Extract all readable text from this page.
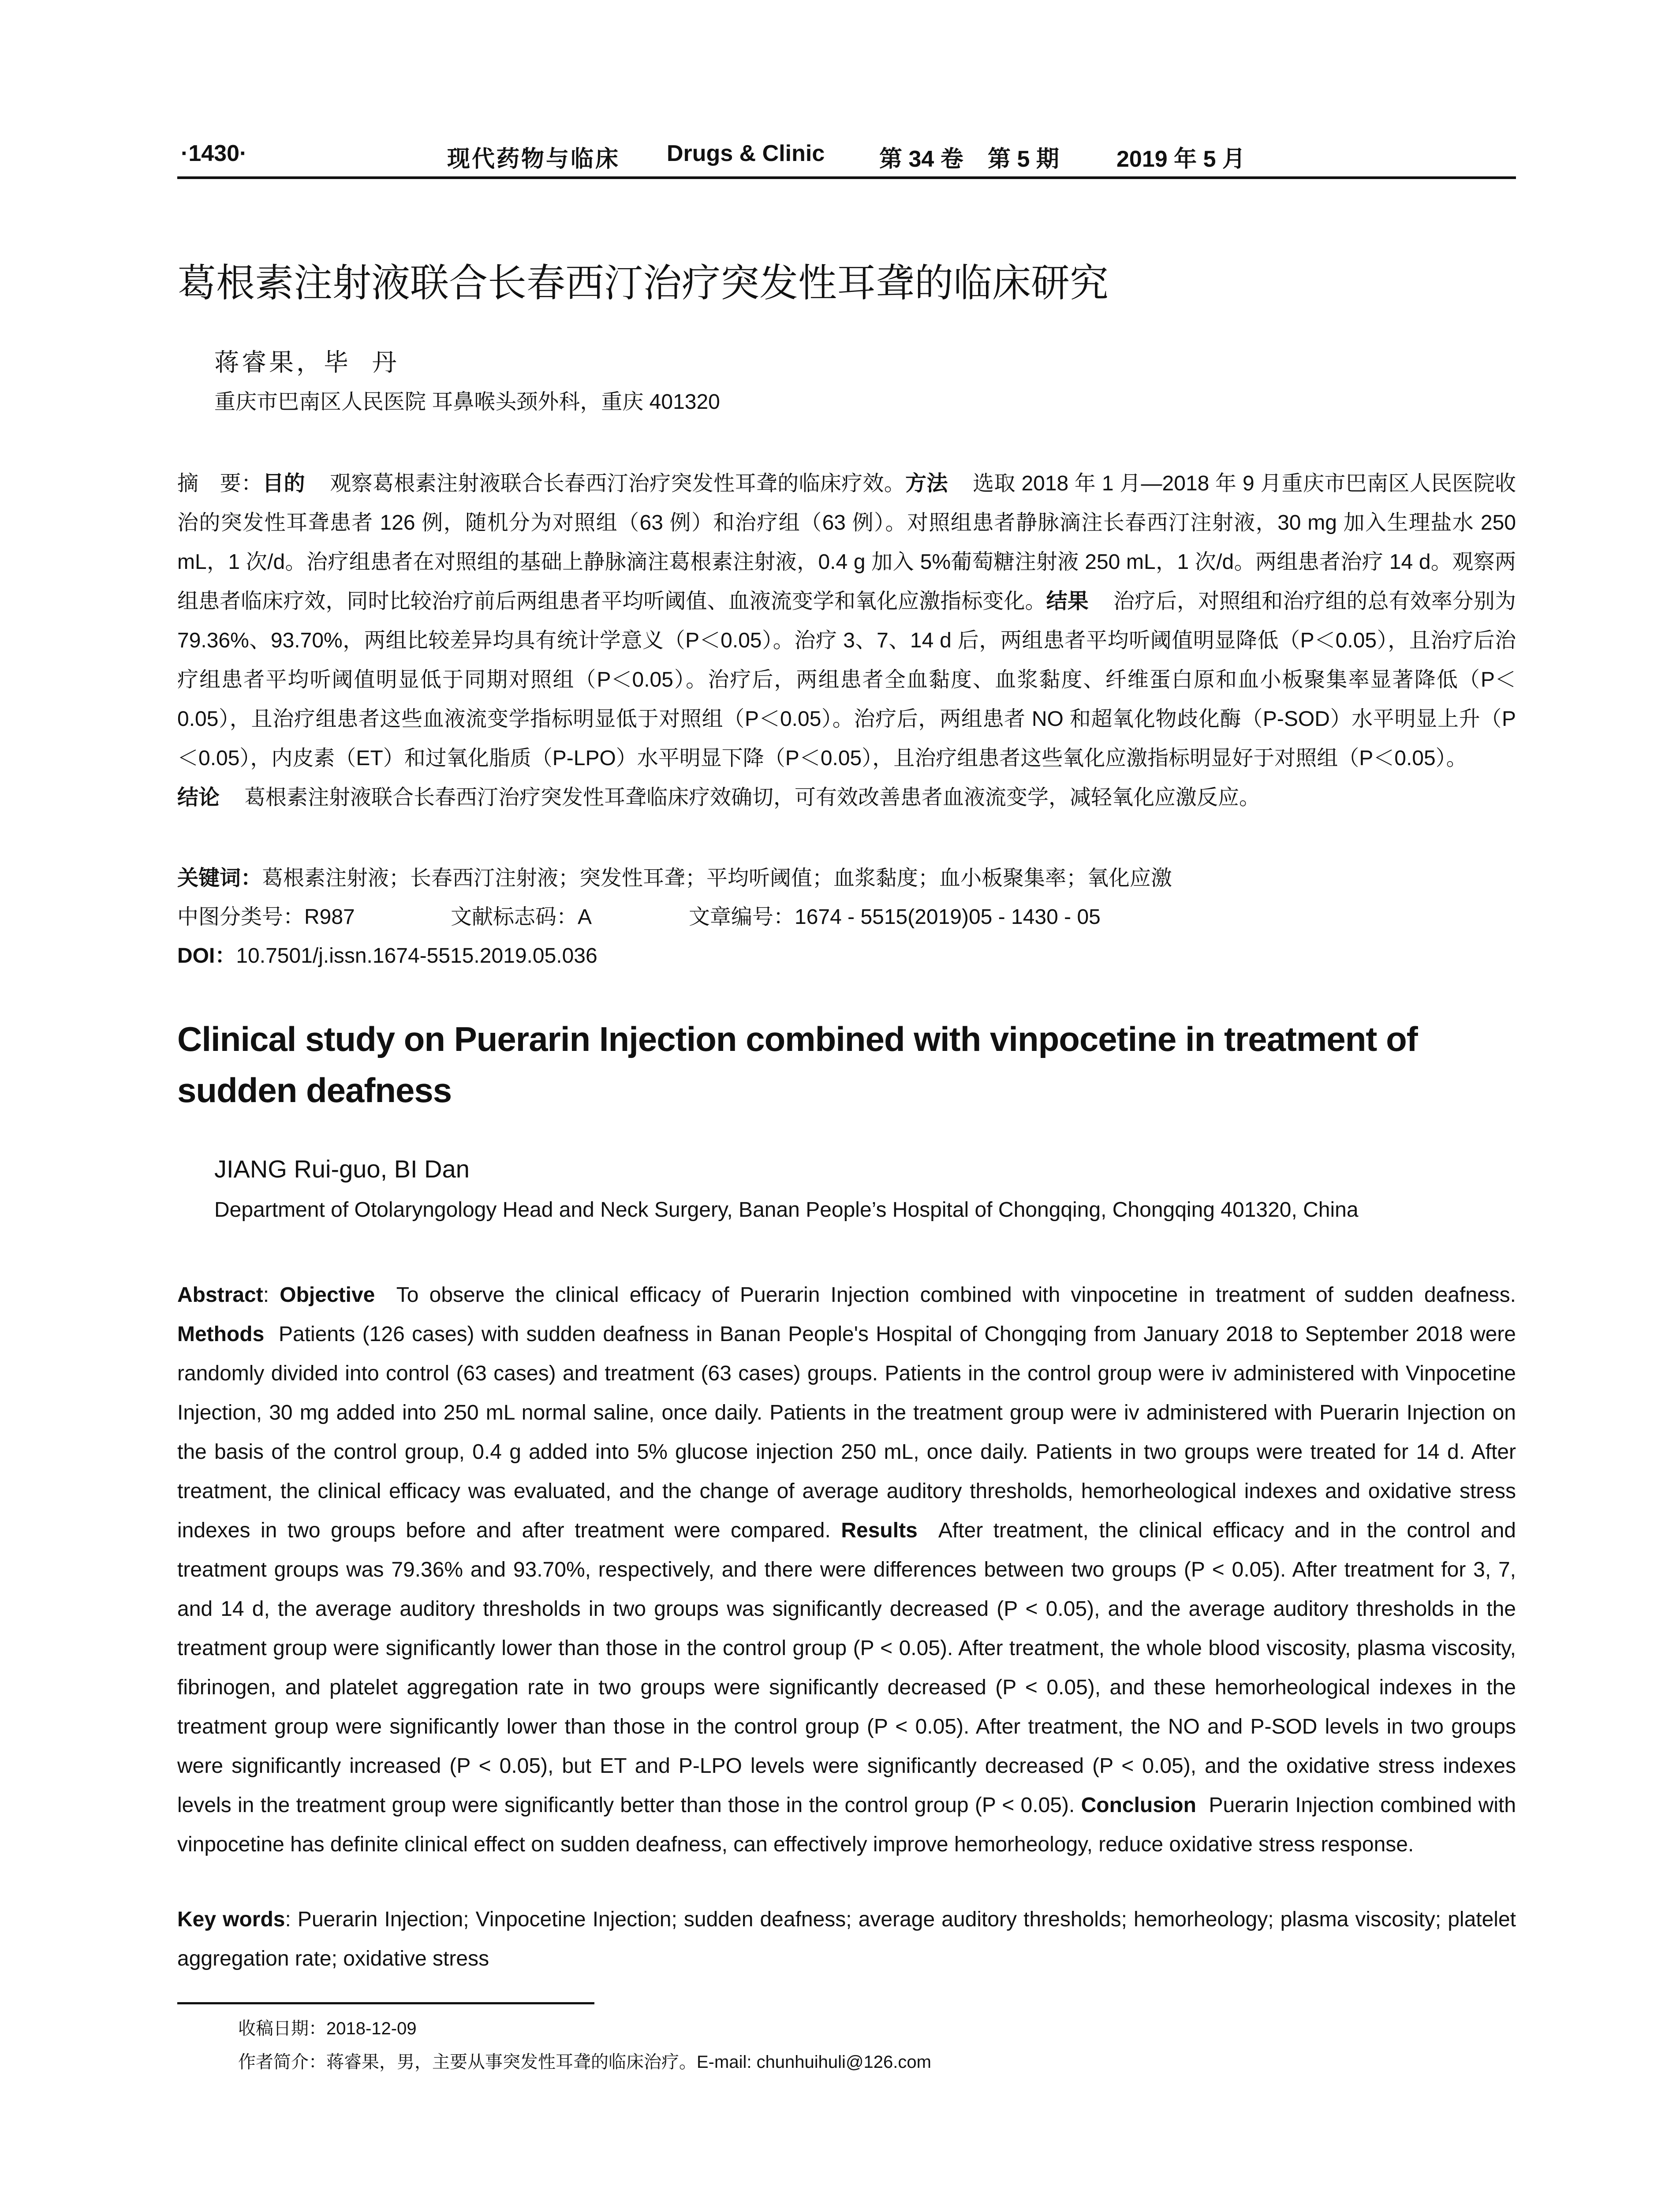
·1430·	现代药物与临床 Drugs & Clinic 第 34 卷 第 5 期	2019 年 5 月
葛根素注射液联合长春西汀治疗突发性耳聋的临床研究
蒋睿果，毕  丹
重庆市巴南区人民医院 耳鼻喉头颈外科，重庆 401320
摘　要：目的 观察葛根素注射液联合长春西汀治疗突发性耳聋的临床疗效。方法 选取 2018 年 1 月—2018 年 9 月重庆市巴南区人民医院收治的突发性耳聋患者 126 例，随机分为对照组（63 例）和治疗组（63 例）。对照组患者静脉滴注长春西汀注射液，30 mg 加入生理盐水 250 mL，1 次/d。治疗组患者在对照组的基础上静脉滴注葛根素注射液，0.4 g 加入 5%葡萄糖注射液 250 mL，1 次/d。两组患者治疗 14 d。观察两组患者临床疗效，同时比较治疗前后两组患者平均听阈值、血液流变学和氧化应激指标变化。结果 治疗后，对照组和治疗组的总有效率分别为 79.36%、93.70%，两组比较差异均具有统计学意义（P＜0.05）。治疗 3、7、14 d 后，两组患者平均听阈值明显降低（P＜0.05），且治疗后治疗组患者平均听阈值明显低于同期对照组（P＜0.05）。治疗后，两组患者全血黏度、血浆黏度、纤维蛋白原和血小板聚集率显著降低（P＜0.05），且治疗组患者这些血液流变学指标明显低于对照组（P＜0.05）。治疗后，两组患者 NO 和超氧化物歧化酶（P-SOD）水平明显上升（P＜0.05），内皮素（ET）和过氧化脂质（P-LPO）水平明显下降（P＜0.05），且治疗组患者这些氧化应激指标明显好于对照组（P＜0.05）。
结论 葛根素注射液联合长春西汀治疗突发性耳聋临床疗效确切，可有效改善患者血液流变学，减轻氧化应激反应。
关键词：葛根素注射液；长春西汀注射液；突发性耳聋；平均听阈值；血浆黏度；血小板聚集率；氧化应激
中图分类号：R987	文献标志码：A	文章编号：1674 - 5515(2019)05 - 1430 - 05
DOI：10.7501/j.issn.1674-5515.2019.05.036
Clinical study on Puerarin Injection combined with vinpocetine in treatment of sudden deafness
JIANG Rui-guo, BI Dan
Department of Otolaryngology Head and Neck Surgery, Banan People’s Hospital of Chongqing, Chongqing 401320, China
Abstract: Objective To observe the clinical efficacy of Puerarin Injection combined with vinpocetine in treatment of sudden deafness. Methods Patients (126 cases) with sudden deafness in Banan People's Hospital of Chongqing from January 2018 to September 2018 were randomly divided into control (63 cases) and treatment (63 cases) groups. Patients in the control group were iv administered with Vinpocetine Injection, 30 mg added into 250 mL normal saline, once daily. Patients in the treatment group were iv administered with Puerarin Injection on the basis of the control group, 0.4 g added into 5% glucose injection 250 mL, once daily. Patients in two groups were treated for 14 d. After treatment, the clinical efficacy was evaluated, and the change of average auditory thresholds, hemorheological indexes and oxidative stress indexes in two groups before and after treatment were compared. Results After treatment, the clinical efficacy and in the control and treatment groups was 79.36% and 93.70%, respectively, and there were differences between two groups (P < 0.05). After treatment for 3, 7, and 14 d, the average auditory thresholds in two groups was significantly decreased (P < 0.05), and the average auditory thresholds in the treatment group were significantly lower than those in the control group (P < 0.05). After treatment, the whole blood viscosity, plasma viscosity, fibrinogen, and platelet aggregation rate in two groups were significantly decreased (P < 0.05), and these hemorheological indexes in the treatment group were significantly lower than those in the control group (P < 0.05). After treatment, the NO and P-SOD levels in two groups were significantly increased (P < 0.05), but ET and P-LPO levels were significantly decreased (P < 0.05), and the oxidative stress indexes levels in the treatment group were significantly better than those in the control group (P < 0.05). Conclusion Puerarin Injection combined with vinpocetine has definite clinical effect on sudden deafness, can effectively improve hemorheology, reduce oxidative stress response.
Key words: Puerarin Injection; Vinpocetine Injection; sudden deafness; average auditory thresholds; hemorheology; plasma viscosity; platelet aggregation rate; oxidative stress
收稿日期：2018-12-09
作者简介：蒋睿果，男，主要从事突发性耳聋的临床治疗。E-mail: chunhuihuli@126.com
